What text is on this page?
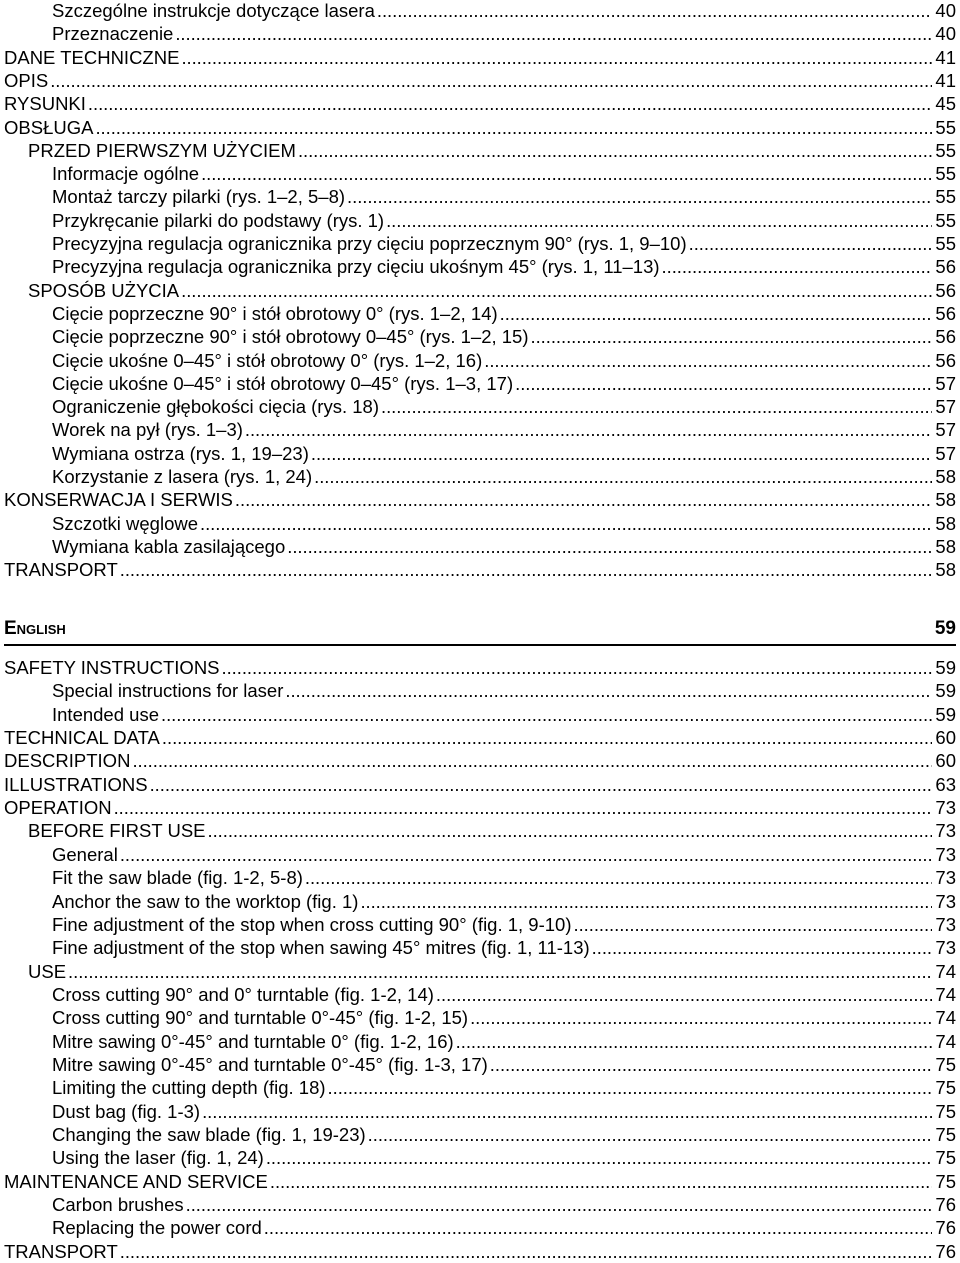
Szczególne instrukcje dotyczące lasera . . .	40
Przeznaczenie . . .	40
DANE TECHNICZNE . . .	41
OPIS . . .	41
RYSUNKI . . .	45
OBSŁUGA . . .	55
PRZED PIERWSZYM UŻYCIEM . . .	55
Informacje ogólne . . .	55
Montaż tarczy pilarki (rys. 1–2, 5–8) . . .	55
Przykręcanie pilarki do podstawy (rys. 1) . . .	55
Precyzyjna regulacja ogranicznika przy cięciu poprzecznym 90° (rys. 1, 9–10) . . .	55
Precyzyjna regulacja ogranicznika przy cięciu ukośnym 45° (rys. 1, 11–13) . . .	56
SPOSÓB UŻYCIA . . .	56
Cięcie poprzeczne 90° i stół obrotowy 0° (rys. 1–2, 14) . . .	56
Cięcie poprzeczne 90° i stół obrotowy 0–45° (rys. 1–2, 15) . . .	56
Cięcie ukośne 0–45° i stół obrotowy 0° (rys. 1–2, 16) . . .	56
Cięcie ukośne 0–45° i stół obrotowy 0–45° (rys. 1–3, 17) . . .	57
Ograniczenie głębokości cięcia (rys. 18) . . .	57
Worek na pył (rys. 1–3) . . .	57
Wymiana ostrza (rys. 1, 19–23) . . .	57
Korzystanie z lasera (rys. 1, 24) . . .	58
KONSERWACJA I SERWIS . . .	58
Szczotki węglowe . . .	58
Wymiana kabla zasilającego . . .	58
TRANSPORT . . .	58
English	59
SAFETY INSTRUCTIONS . . .	59
Special instructions for laser . . .	59
Intended use . . .	59
TECHNICAL DATA . . .	60
DESCRIPTION . . .	60
ILLUSTRATIONS . . .	63
OPERATION . . .	73
BEFORE FIRST USE . . .	73
General . . .	73
Fit the saw blade (fig. 1-2, 5-8) . . .	73
Anchor the saw to the worktop (fig. 1) . . .	73
Fine adjustment of the stop when cross cutting 90° (fig. 1, 9-10) . . .	73
Fine adjustment of the stop when sawing 45° mitres (fig. 1, 11-13) . . .	73
USE . . .	74
Cross cutting 90° and 0° turntable (fig. 1-2, 14) . . .	74
Cross cutting 90° and turntable 0°-45° (fig. 1-2, 15) . . .	74
Mitre sawing 0°-45° and turntable 0° (fig. 1-2, 16) . . .	74
Mitre sawing 0°-45° and turntable 0°-45° (fig. 1-3, 17) . . .	75
Limiting the cutting depth (fig. 18) . . .	75
Dust bag (fig. 1-3) . . .	75
Changing the saw blade (fig. 1, 19-23) . . .	75
Using the laser (fig. 1, 24) . . .	75
MAINTENANCE AND SERVICE . . .	75
Carbon brushes . . .	76
Replacing the power cord . . .	76
TRANSPORT . . .	76
